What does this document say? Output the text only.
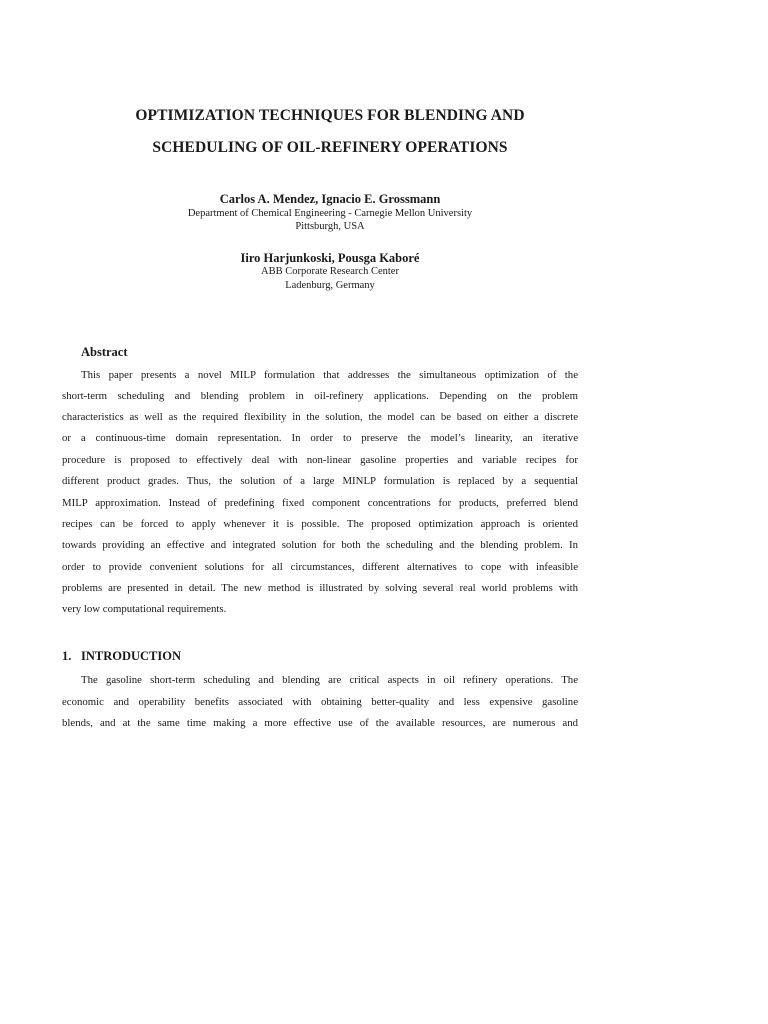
OPTIMIZATION TECHNIQUES FOR BLENDING AND
SCHEDULING OF OIL-REFINERY OPERATIONS
Carlos A. Mendez, Ignacio E. Grossmann
Department of Chemical Engineering - Carnegie Mellon University
Pittsburgh, USA
Iiro Harjunkoski, Pousga Kaboré
ABB Corporate Research Center
Ladenburg, Germany
Abstract
This paper presents a novel MILP formulation that addresses the simultaneous optimization of the
short-term scheduling and blending problem in oil-refinery applications. Depending on the problem
characteristics as well as the required flexibility in the solution, the model can be based on either a discrete
or a continuous-time domain representation. In order to preserve the model’s linearity, an iterative
procedure is proposed to effectively deal with non-linear gasoline properties and variable recipes for
different product grades. Thus, the solution of a large MINLP formulation is replaced by a sequential
MILP approximation. Instead of predefining fixed component concentrations for products, preferred blend
recipes can be forced to apply whenever it is possible. The proposed optimization approach is oriented
towards providing an effective and integrated solution for both the scheduling and the blending problem. In
order to provide convenient solutions for all circumstances, different alternatives to cope with infeasible
problems are presented in detail. The new method is illustrated by solving several real world problems with
very low computational requirements.
1. INTRODUCTION
The gasoline short-term scheduling and blending are critical aspects in oil refinery operations. The
economic and operability benefits associated with obtaining better-quality and less expensive gasoline
blends, and at the same time making a more effective use of the available resources, are numerous and
